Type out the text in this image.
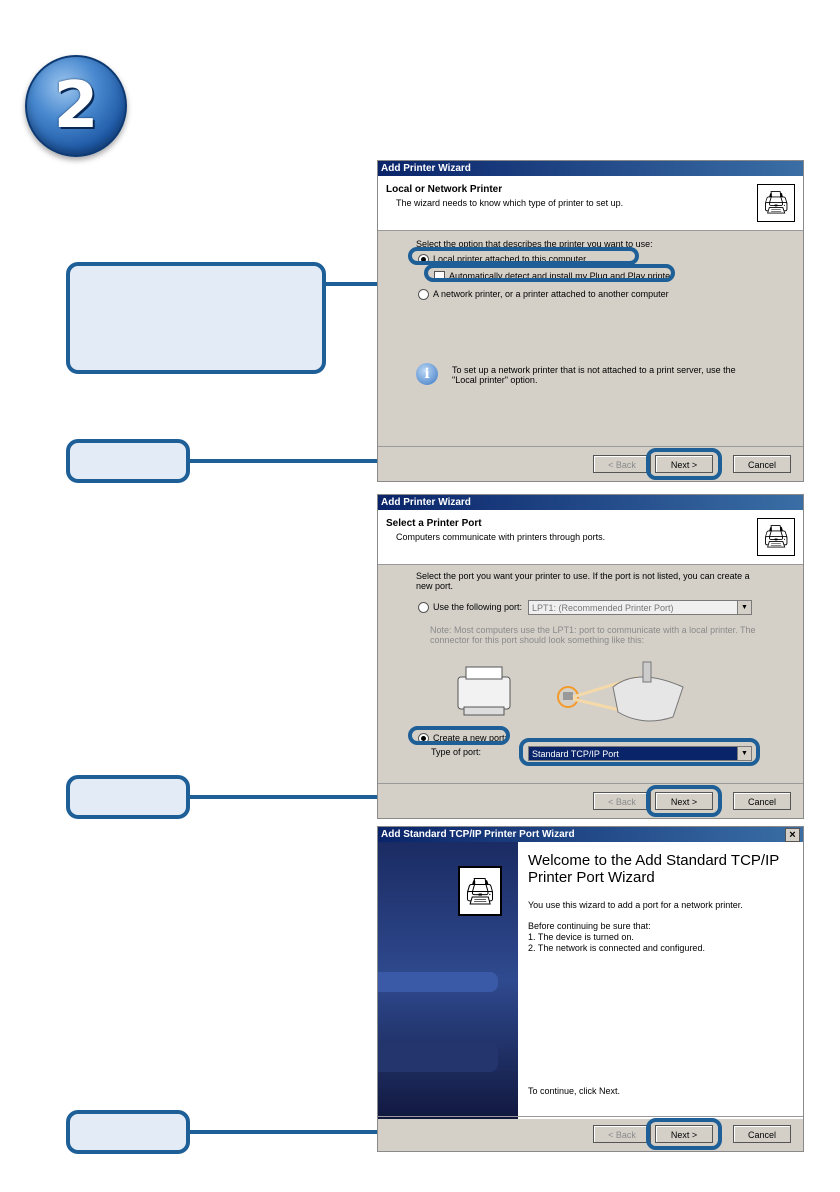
2
Add Printer Wizard
Local or Network Printer
The wizard needs to know which type of printer to set up.	🖨
Select the option that describes the printer you want to use:
Local printer attached to this computer
Automatically detect and install my Plug and Play printer
A network printer, or a printer attached to another computer
i	To set up a network printer that is not attached to a print server, use the "Local printer" option.
< Back	Next >	Cancel
Add Printer Wizard
Select a Printer Port
Computers communicate with printers through ports.	🖨
Select the port you want your printer to use. If the port is not listed, you can create a new port.
Use the following port:	LPT1: (Recommended Printer Port)	▼
Note: Most computers use the LPT1: port to communicate with a local printer. The connector for this port should look something like this:
Create a new port:
Type of port:	Standard TCP/IP Port	▼
< Back	Next >	Cancel
Add Standard TCP/IP Printer Port Wizard	×
🖨
Welcome to the Add Standard TCP/IP Printer Port Wizard
You use this wizard to add a port for a network printer.
Before continuing be sure that:
1. The device is turned on.
2. The network is connected and configured.
To continue, click Next.
< Back	Next >	Cancel
